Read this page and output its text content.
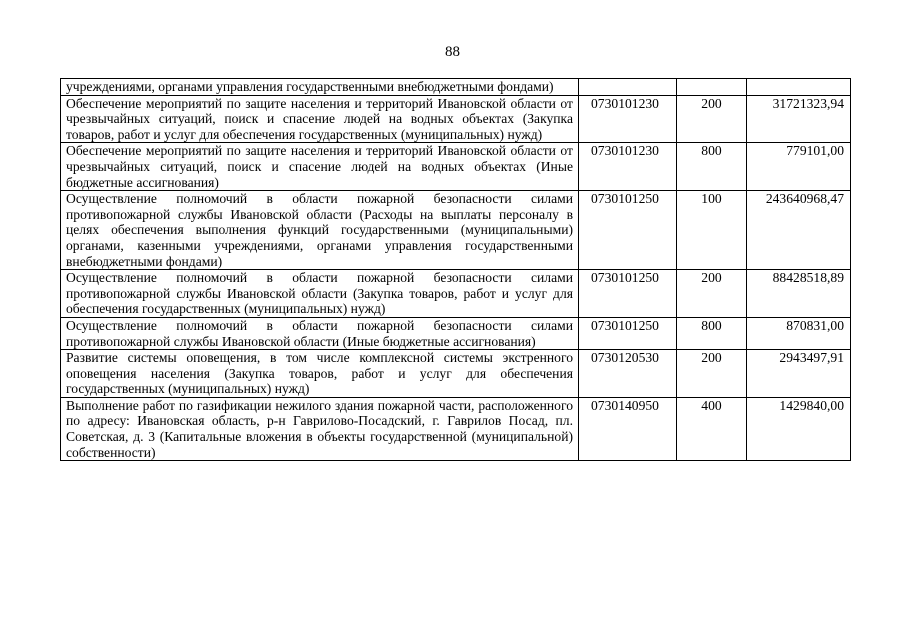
88
учреждениями, органами управления государственными внебюджетными фондами)			
Обеспечение мероприятий по защите населения и территорий Ивановской области от чрезвычайных ситуаций, поиск и спасение людей на водных объектах (Закупка товаров, работ и услуг для обеспечения государственных (муниципальных) нужд)	0730101230	200	31721323,94
Обеспечение мероприятий по защите населения и территорий Ивановской области от чрезвычайных ситуаций, поиск и спасение людей на водных объектах (Иные бюджетные ассигнования)	0730101230	800	779101,00
Осуществление полномочий в области пожарной безопасности силами противопожарной службы Ивановской области (Расходы на выплаты персоналу в целях обеспечения выполнения функций государственными (муниципальными) органами, казенными учреждениями, органами управления государственными внебюджетными фондами)	0730101250	100	243640968,47
Осуществление полномочий в области пожарной безопасности силами противопожарной службы Ивановской области (Закупка товаров, работ и услуг для обеспечения государственных (муниципальных) нужд)	0730101250	200	88428518,89
Осуществление полномочий в области пожарной безопасности силами противопожарной службы Ивановской области (Иные бюджетные ассигнования)	0730101250	800	870831,00
Развитие системы оповещения, в том числе комплексной системы экстренного оповещения населения (Закупка товаров, работ и услуг для обеспечения государственных (муниципальных) нужд)	0730120530	200	2943497,91
Выполнение работ по газификации нежилого здания пожарной части, расположенного по адресу: Ивановская область, р-н Гаврилово-Посадский, г. Гаврилов Посад, пл. Советская, д. 3 (Капитальные вложения в объекты государственной (муниципальной) собственности)	0730140950	400	1429840,00
